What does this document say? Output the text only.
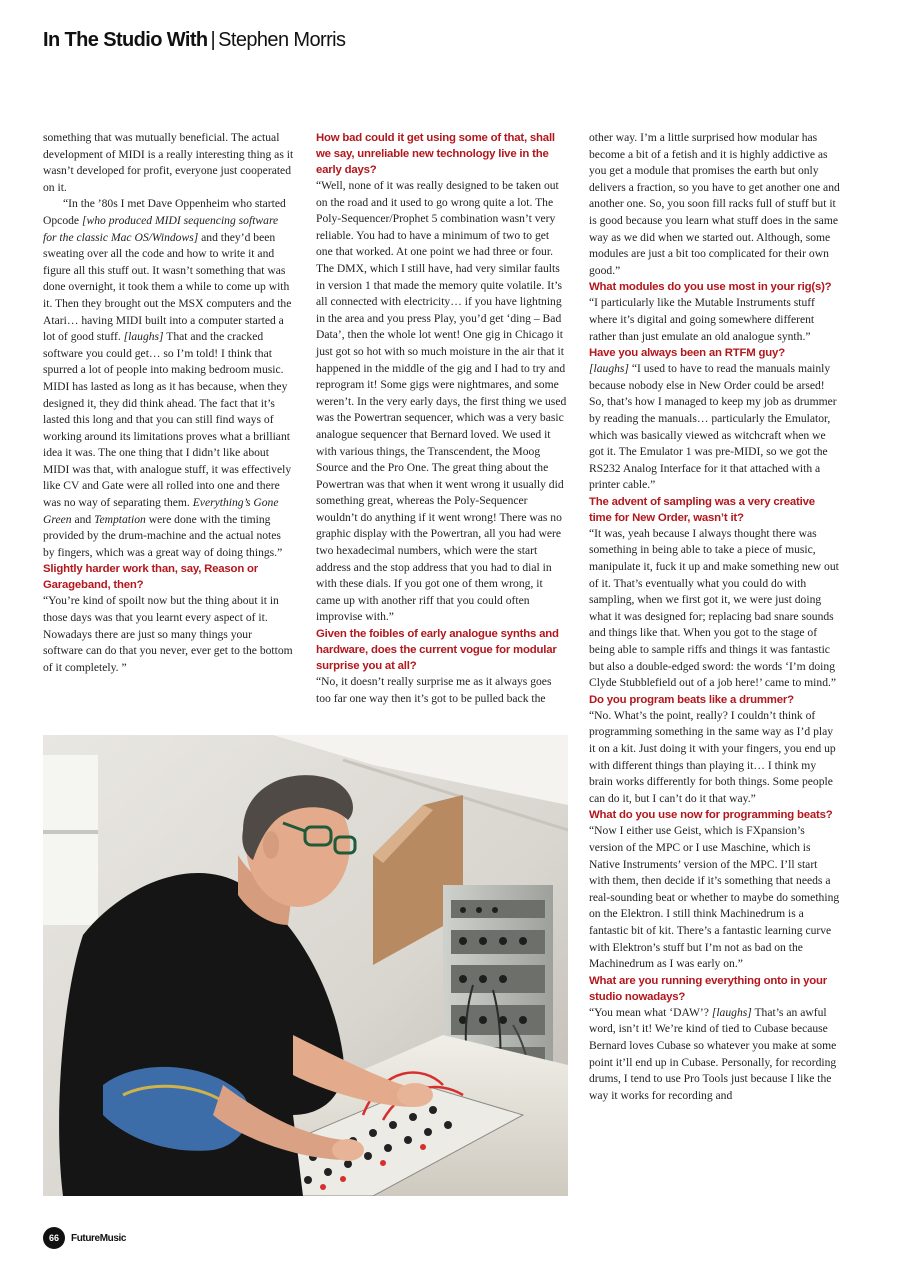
In The Studio With | Stephen Morris

something that was mutually beneficial. The actual development of MIDI is a really interesting thing as it wasn’t developed for profit, everyone just cooperated on it.

“In the ’80s I met Dave Oppenheim who started Opcode [who produced MIDI sequencing software for the classic Mac OS/Windows] and they’d been sweating over all the code and how to write it and figure all this stuff out. It wasn’t something that was done overnight, it took them a while to come up with it. Then they brought out the MSX computers and the Atari… having MIDI built into a computer started a lot of good stuff. [laughs] That and the cracked software you could get… so I’m told! I think that spurred a lot of people into making bedroom music. MIDI has lasted as long as it has because, when they designed it, they did think ahead. The fact that it’s lasted this long and that you can still find ways of working around its limitations proves what a brilliant idea it was. The one thing that I didn’t like about MIDI was that, with analogue stuff, it was effectively like CV and Gate were all rolled into one and there was no way of separating them. Everything’s Gone Green and Temptation were done with the timing provided by the drum-machine and the actual notes by fingers, which was a great way of doing things.”

Slightly harder work than, say, Reason or Garageband, then?

“You’re kind of spoilt now but the thing about it in those days was that you learnt every aspect of it. Nowadays there are just so many things your software can do that you never, ever get to the bottom of it completely. ”

How bad could it get using some of that, shall we say, unreliable new technology live in the early days?

“Well, none of it was really designed to be taken out on the road and it used to go wrong quite a lot. The Poly-Sequencer/Prophet 5 combination wasn’t very reliable. You had to have a minimum of two to get one that worked. At one point we had three or four. The DMX, which I still have, had very similar faults in version 1 that made the memory quite volatile. It’s all connected with electricity… if you have lightning in the area and you press Play, you’d get ‘ding – Bad Data’, then the whole lot went! One gig in Chicago it just got so hot with so much moisture in the air that it happened in the middle of the gig and I had to try and reprogram it! Some gigs were nightmares, and some weren’t. In the very early days, the first thing we used was the Powertran sequencer, which was a very basic analogue sequencer that Bernard loved. We used it with various things, the Transcendent, the Moog Source and the Pro One. The great thing about the Powertran was that when it went wrong it usually did something great, whereas the Poly-Sequencer wouldn’t do anything if it went wrong! There was no graphic display with the Powertran, all you had were two hexadecimal numbers, which were the start address and the stop address that you had to dial in with these dials. If you got one of them wrong, it came up with another riff that you could often improvise with.”

Given the foibles of early analogue synths and hardware, does the current vogue for modular surprise you at all?

“No, it doesn’t really surprise me as it always goes too far one way then it’s got to be pulled back the

other way. I’m a little surprised how modular has become a bit of a fetish and it is highly addictive as you get a module that promises the earth but only delivers a fraction, so you have to get another one and another one. So, you soon fill racks full of stuff but it is good because you learn what stuff does in the same way as we did when we started out. Although, some modules are just a bit too complicated for their own good.”

What modules do you use most in your rig(s)?

“I particularly like the Mutable Instruments stuff where it’s digital and going somewhere different rather than just emulate an old analogue synth.”

Have you always been an RTFM guy?

[laughs] “I used to have to read the manuals mainly because nobody else in New Order could be arsed! So, that’s how I managed to keep my job as drummer by reading the manuals… particularly the Emulator, which was basically viewed as witchcraft when we got it. The Emulator 1 was pre-MIDI, so we got the RS232 Analog Interface for it that attached with a printer cable.”

The advent of sampling was a very creative time for New Order, wasn’t it?

“It was, yeah because I always thought there was something in being able to take a piece of music, manipulate it, fuck it up and make something new out of it. That’s eventually what you could do with sampling, when we first got it, we were just doing what it was designed for; replacing bad snare sounds and things like that. When you got to the stage of being able to sample riffs and things it was fantastic but also a double-edged sword: the words ‘I’m doing Clyde Stubblefield out of a job here!’ came to mind.”

Do you program beats like a drummer?

“No. What’s the point, really? I couldn’t think of programming something in the same way as I’d play it on a kit. Just doing it with your fingers, you end up with different things than playing it… I think my brain works differently for both things. Some people can do it, but I can’t do it that way.”

What do you use now for programming beats?

“Now I either use Geist, which is FXpansion’s version of the MPC or I use Maschine, which is Native Instruments’ version of the MPC. I’ll start with them, then decide if it’s something that needs a real-sounding beat or whether to maybe do something on the Elektron. I still think Machinedrum is a fantastic bit of kit. There’s a fantastic learning curve with Elektron’s stuff but I’m not as bad on the Machinedrum as I was early on.”

What are you running everything onto in your studio nowadays?

“You mean what ‘DAW’? [laughs] That’s an awful word, isn’t it! We’re kind of tied to Cubase because Bernard loves Cubase so whatever you make at some point it’ll end up in Cubase. Personally, for recording drums, I tend to use Pro Tools just because I like the way it works for recording and

66	FutureMusic
